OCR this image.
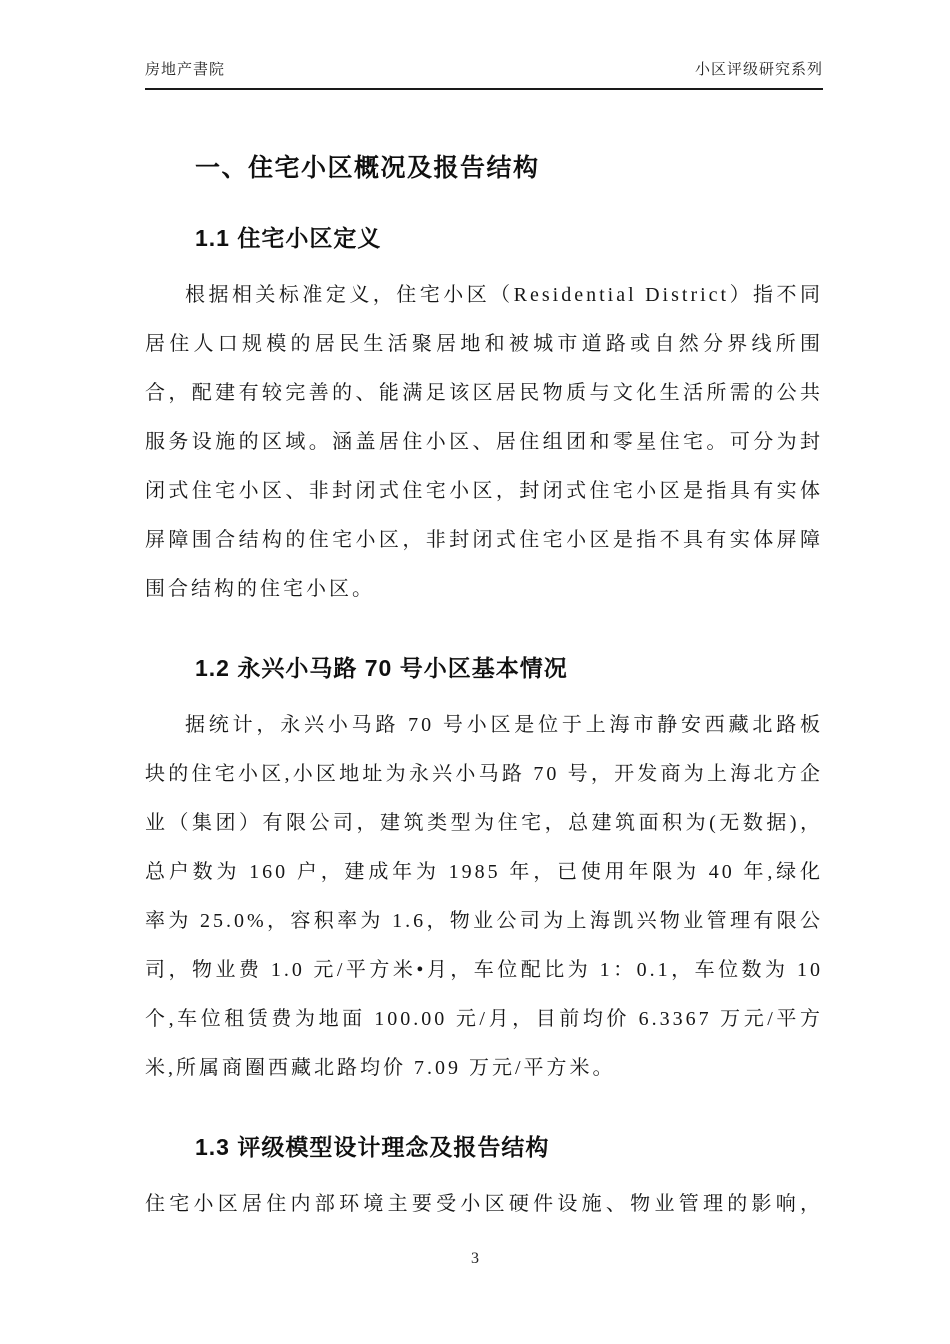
房地产書院	小区评级研究系列
一、住宅小区概况及报告结构
1.1 住宅小区定义

根据相关标准定义，住宅小区（Residential District）指不同居住人口规模的居民生活聚居地和被城市道路或自然分界线所围合，配建有较完善的、能满足该区居民物质与文化生活所需的公共服务设施的区域。涵盖居住小区、居住组团和零星住宅。可分为封闭式住宅小区、非封闭式住宅小区，封闭式住宅小区是指具有实体屏障围合结构的住宅小区，非封闭式住宅小区是指不具有实体屏障围合结构的住宅小区。

1.2 永兴小马路 70 号小区基本情况

据统计，永兴小马路 70 号小区是位于上海市静安西藏北路板块的住宅小区,小区地址为永兴小马路 70 号，开发商为上海北方企业（集团）有限公司，建筑类型为住宅，总建筑面积为(无数据)，总户数为 160 户，建成年为 1985 年，已使用年限为 40 年,绿化率为 25.0%，容积率为 1.6，物业公司为上海凯兴物业管理有限公司，物业费 1.0 元/平方米•月，车位配比为 1：0.1，车位数为 10 个,车位租赁费为地面 100.00 元/月，目前均价 6.3367 万元/平方米,所属商圈西藏北路均价 7.09 万元/平方米。

1.3 评级模型设计理念及报告结构

住宅小区居住内部环境主要受小区硬件设施、物业管理的影响，

3
